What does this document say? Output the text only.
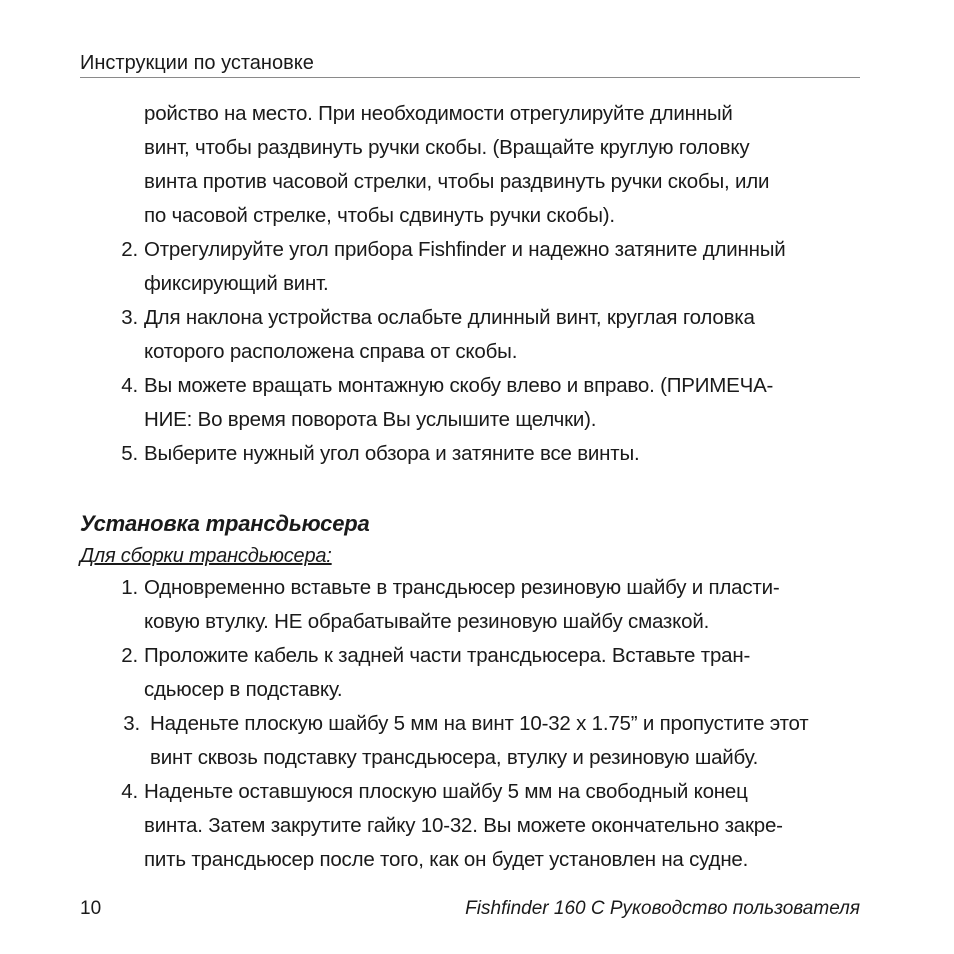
Инструкции по установке

ройство на место. При необходимости отрегулируйте длинный
винт, чтобы раздвинуть ручки скобы. (Вращайте круглую головку
винта против часовой стрелки, чтобы раздвинуть ручки скобы, или
по часовой стрелке, чтобы сдвинуть ручки скобы).

2. Отрегулируйте угол прибора Fishfinder и надежно затяните длинный
фиксирующий винт.
3. Для наклона устройства ослабьте длинный винт, круглая головка
которого расположена справа от скобы.
4. Вы можете вращать монтажную скобу влево и вправо. (ПРИМЕЧА-
НИЕ: Во время поворота Вы услышите щелчки).
5. Выберите нужный угол обзора и затяните все винты.
Установка трансдьюсера

Для сборки трансдьюсера:

1. Одновременно вставьте в трансдьюсер резиновую шайбу и пласти-
ковую втулку. НЕ обрабатывайте резиновую шайбу смазкой.
2. Проложите кабель к задней части трансдьюсера. Вставьте тран-
сдьюсер в подставку.
3. Наденьте плоскую шайбу 5 мм на винт 10-32 x 1.75” и пропустите этот
винт сквозь подставку трансдьюсера, втулку и резиновую шайбу.
4. Наденьте оставшуюся плоскую шайбу 5 мм на свободный конец
винта. Затем закрутите гайку 10-32. Вы можете окончательно закре-
пить трансдьюсер после того, как он будет установлен на судне.
10	Fishfinder 160 C Руководство пользователя
